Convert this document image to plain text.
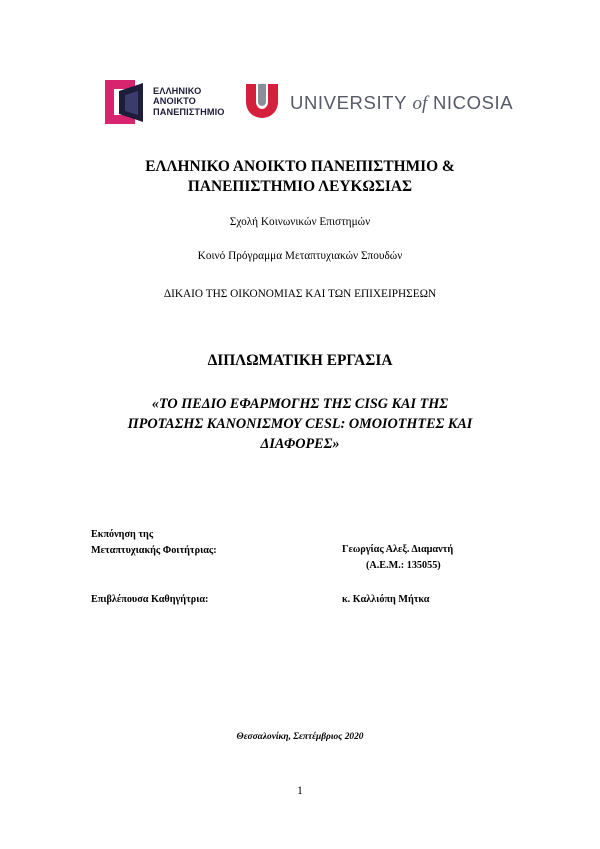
ΕΛΛΗΝΙΚΟ
ΑΝΟΙΚΤΟ
ΠΑΝΕΠΙΣΤΗΜΙΟ	UNIVERSITY of NICOSIA
ΕΛΛΗΝΙΚΟ ΑΝΟΙΚΤΟ ΠΑΝΕΠΙΣΤΗΜΙΟ &
ΠΑΝΕΠΙΣΤΗΜΙΟ ΛΕΥΚΩΣΙΑΣ
Σχολή Κοινωνικών Επιστημών
Κοινό Πρόγραμμα Μεταπτυχιακών Σπουδών
ΔΙΚΑΙΟ ΤΗΣ ΟΙΚΟΝΟΜΙΑΣ ΚΑΙ ΤΩΝ ΕΠΙΧΕΙΡΗΣΕΩΝ
ΔΙΠΛΩΜΑΤΙΚΗ ΕΡΓΑΣΙΑ
«ΤΟ ΠΕΔΙΟ ΕΦΑΡΜΟΓΗΣ ΤΗΣ CISG ΚΑΙ ΤΗΣ ΠΡΟΤΑΣΗΣ ΚΑΝΟΝΙΣΜΟΥ CESL: ΟΜΟΙΟΤΗΤΕΣ ΚΑΙ ΔΙΑΦΟΡΕΣ»
Εκπόνηση της
Μεταπτυχιακής Φοιτήτριας:	Γεωργίας Αλεξ. Διαμαντή
(Α.Ε.Μ.: 135055)
Επιβλέπουσα Καθηγήτρια:	κ. Καλλιόπη Μήτκα
Θεσσαλονίκη, Σεπτέμβριος 2020
1
